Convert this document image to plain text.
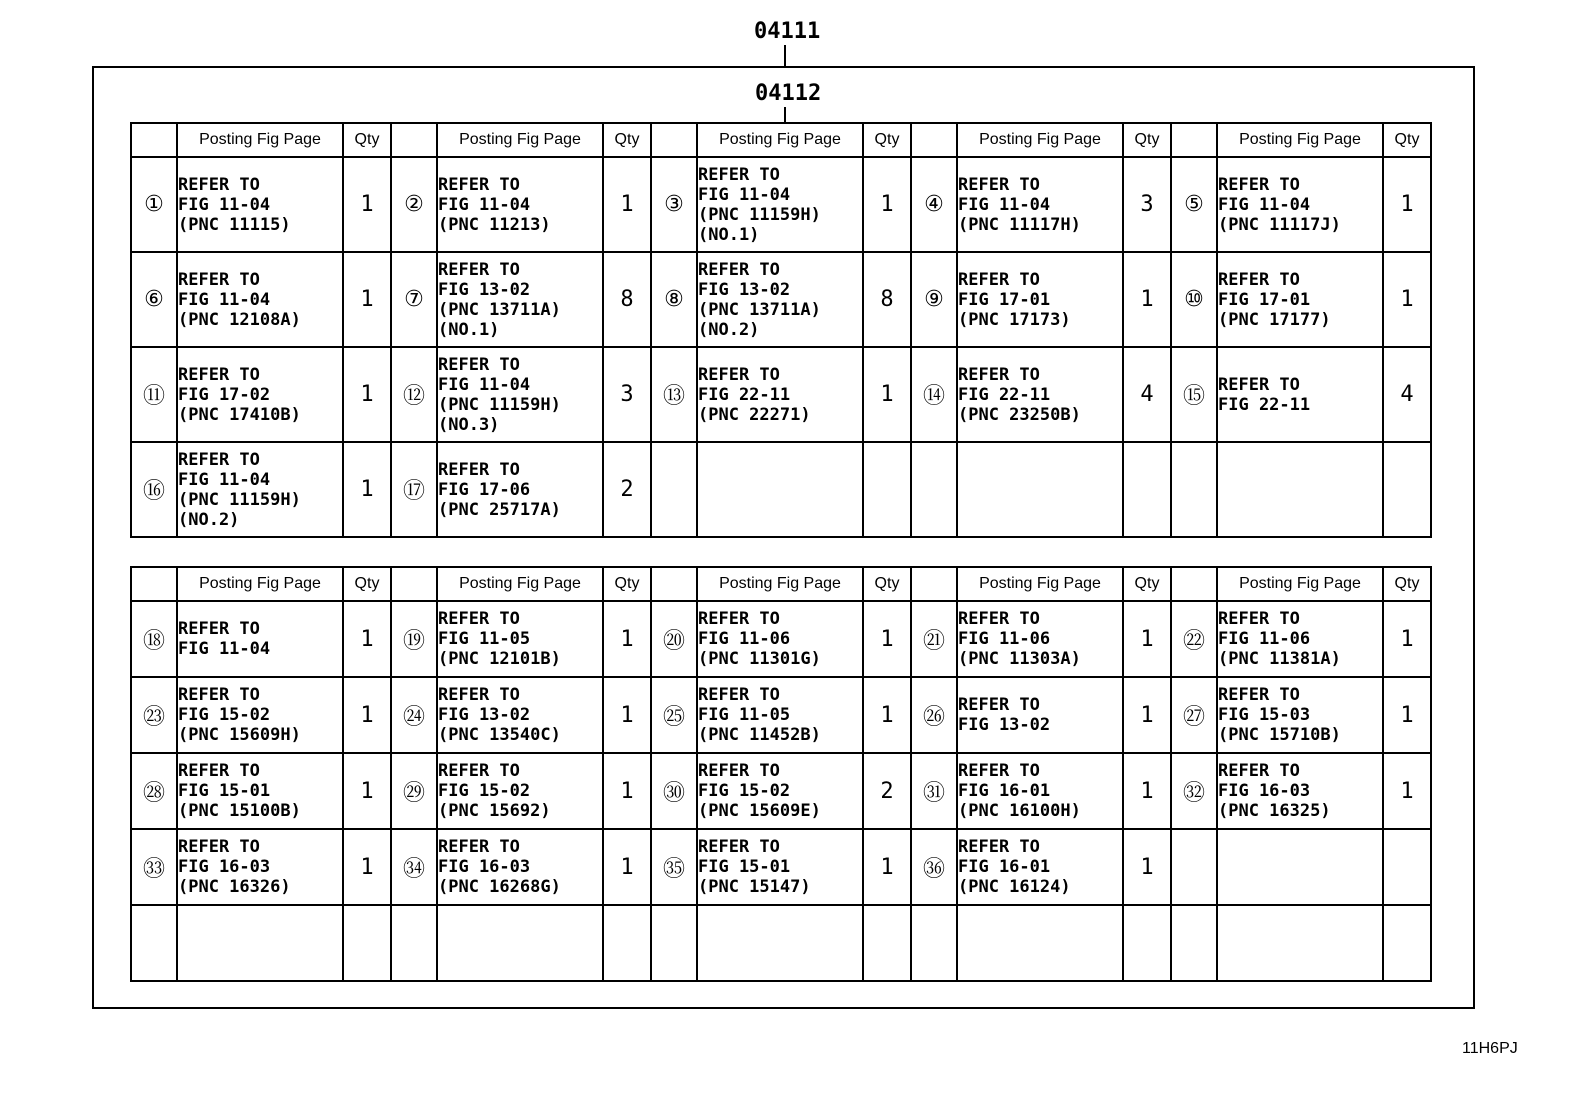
04111
04112
	Posting Fig Page	Qty		Posting Fig Page	Qty		Posting Fig Page	Qty		Posting Fig Page	Qty		Posting Fig Page	Qty
①	REFER TO
FIG 11-04
(PNC 11115)	1	②	REFER TO
FIG 11-04
(PNC 11213)	1	③	REFER TO
FIG 11-04
(PNC 11159H)
(NO.1)	1	④	REFER TO
FIG 11-04
(PNC 11117H)	3	⑤	REFER TO
FIG 11-04
(PNC 11117J)	1
⑥	REFER TO
FIG 11-04
(PNC 12108A)	1	⑦	REFER TO
FIG 13-02
(PNC 13711A)
(NO.1)	8	⑧	REFER TO
FIG 13-02
(PNC 13711A)
(NO.2)	8	⑨	REFER TO
FIG 17-01
(PNC 17173)	1	⑩	REFER TO
FIG 17-01
(PNC 17177)	1
⑪	REFER TO
FIG 17-02
(PNC 17410B)	1	⑫	REFER TO
FIG 11-04
(PNC 11159H)
(NO.3)	3	⑬	REFER TO
FIG 22-11
(PNC 22271)	1	⑭	REFER TO
FIG 22-11
(PNC 23250B)	4	⑮	REFER TO
FIG 22-11	4
⑯	REFER TO
FIG 11-04
(PNC 11159H)
(NO.2)	1	⑰	REFER TO
FIG 17-06
(PNC 25717A)	2									
	Posting Fig Page	Qty		Posting Fig Page	Qty		Posting Fig Page	Qty		Posting Fig Page	Qty		Posting Fig Page	Qty
⑱	REFER TO
FIG 11-04	1	⑲	REFER TO
FIG 11-05
(PNC 12101B)	1	⑳	REFER TO
FIG 11-06
(PNC 11301G)	1	㉑	REFER TO
FIG 11-06
(PNC 11303A)	1	㉒	REFER TO
FIG 11-06
(PNC 11381A)	1
㉓	REFER TO
FIG 15-02
(PNC 15609H)	1	㉔	REFER TO
FIG 13-02
(PNC 13540C)	1	㉕	REFER TO
FIG 11-05
(PNC 11452B)	1	㉖	REFER TO
FIG 13-02	1	㉗	REFER TO
FIG 15-03
(PNC 15710B)	1
㉘	REFER TO
FIG 15-01
(PNC 15100B)	1	㉙	REFER TO
FIG 15-02
(PNC 15692)	1	㉚	REFER TO
FIG 15-02
(PNC 15609E)	2	㉛	REFER TO
FIG 16-01
(PNC 16100H)	1	㉜	REFER TO
FIG 16-03
(PNC 16325)	1
㉝	REFER TO
FIG 16-03
(PNC 16326)	1	㉞	REFER TO
FIG 16-03
(PNC 16268G)	1	㉟	REFER TO
FIG 15-01
(PNC 15147)	1	㊱	REFER TO
FIG 16-01
(PNC 16124)	1			

11H6PJ
